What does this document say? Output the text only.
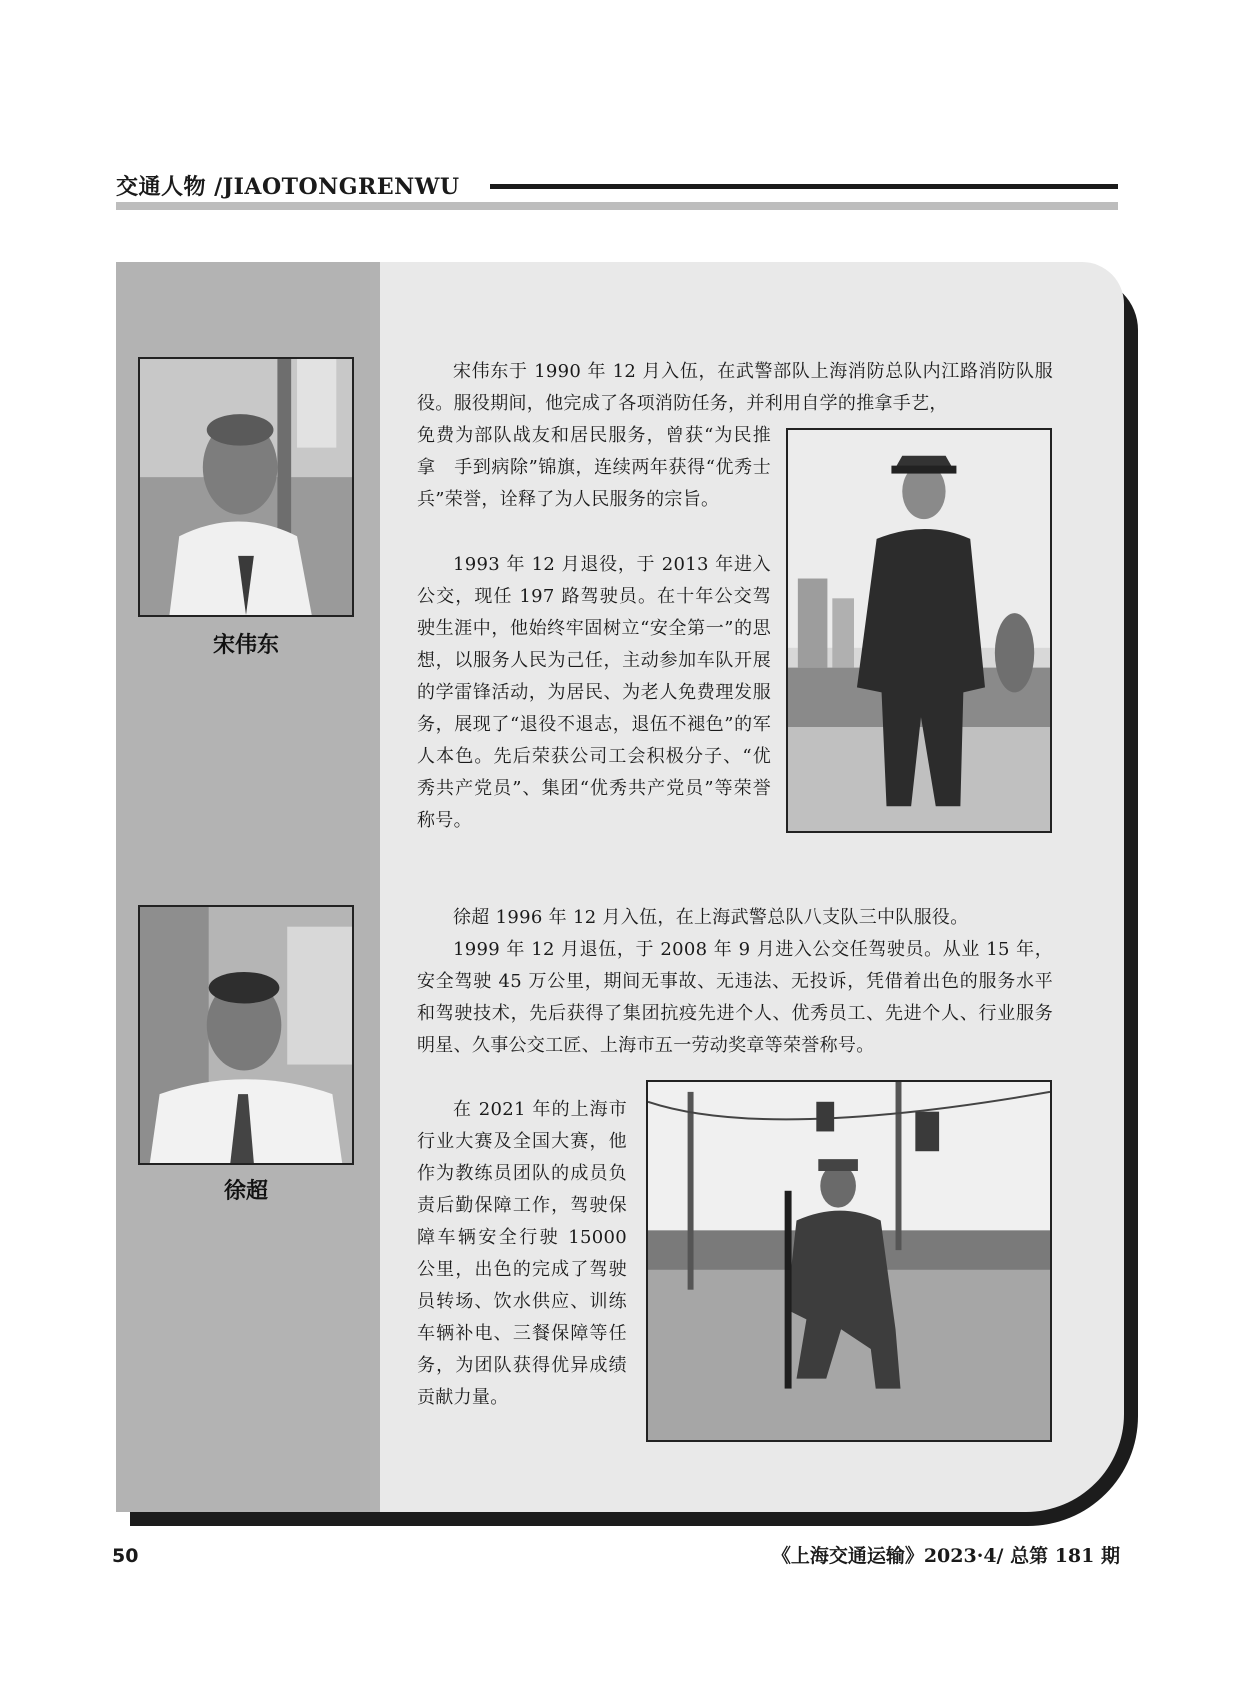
交通人物 /JIAOTONGRENWU
宋伟东

宋伟东于 1990 年 12 月入伍，在武警部队上海消防总队内江路消防队服役。服役期间，他完成了各项消防任务，并利用自学的推拿手艺，

免费为部队战友和居民服务，曾获“为民推拿　手到病除”锦旗，连续两年获得“优秀士兵”荣誉，诠释了为人民服务的宗旨。

1993 年 12 月退役，于 2013 年进入公交，现任 197 路驾驶员。在十年公交驾驶生涯中，他始终牢固树立“安全第一”的思想，以服务人民为己任，主动参加车队开展的学雷锋活动，为居民、为老人免费理发服务，展现了“退役不退志，退伍不褪色”的军人本色。先后荣获公司工会积极分子、“优秀共产党员”、集团“优秀共产党员”等荣誉称号。

徐超

徐超 1996 年 12 月入伍，在上海武警总队八支队三中队服役。

1999 年 12 月退伍，于 2008 年 9 月进入公交任驾驶员。从业 15 年，安全驾驶 45 万公里，期间无事故、无违法、无投诉，凭借着出色的服务水平和驾驶技术，先后获得了集团抗疫先进个人、优秀员工、先进个人、行业服务明星、久事公交工匠、上海市五一劳动奖章等荣誉称号。

在 2021 年的上海市行业大赛及全国大赛，他作为教练员团队的成员负责后勤保障工作，驾驶保障车辆安全行驶 15000 公里，出色的完成了驾驶员转场、饮水供应、训练车辆补电、三餐保障等任务，为团队获得优异成绩贡献力量。

50	《上海交通运输》2023·4/ 总第 181 期
